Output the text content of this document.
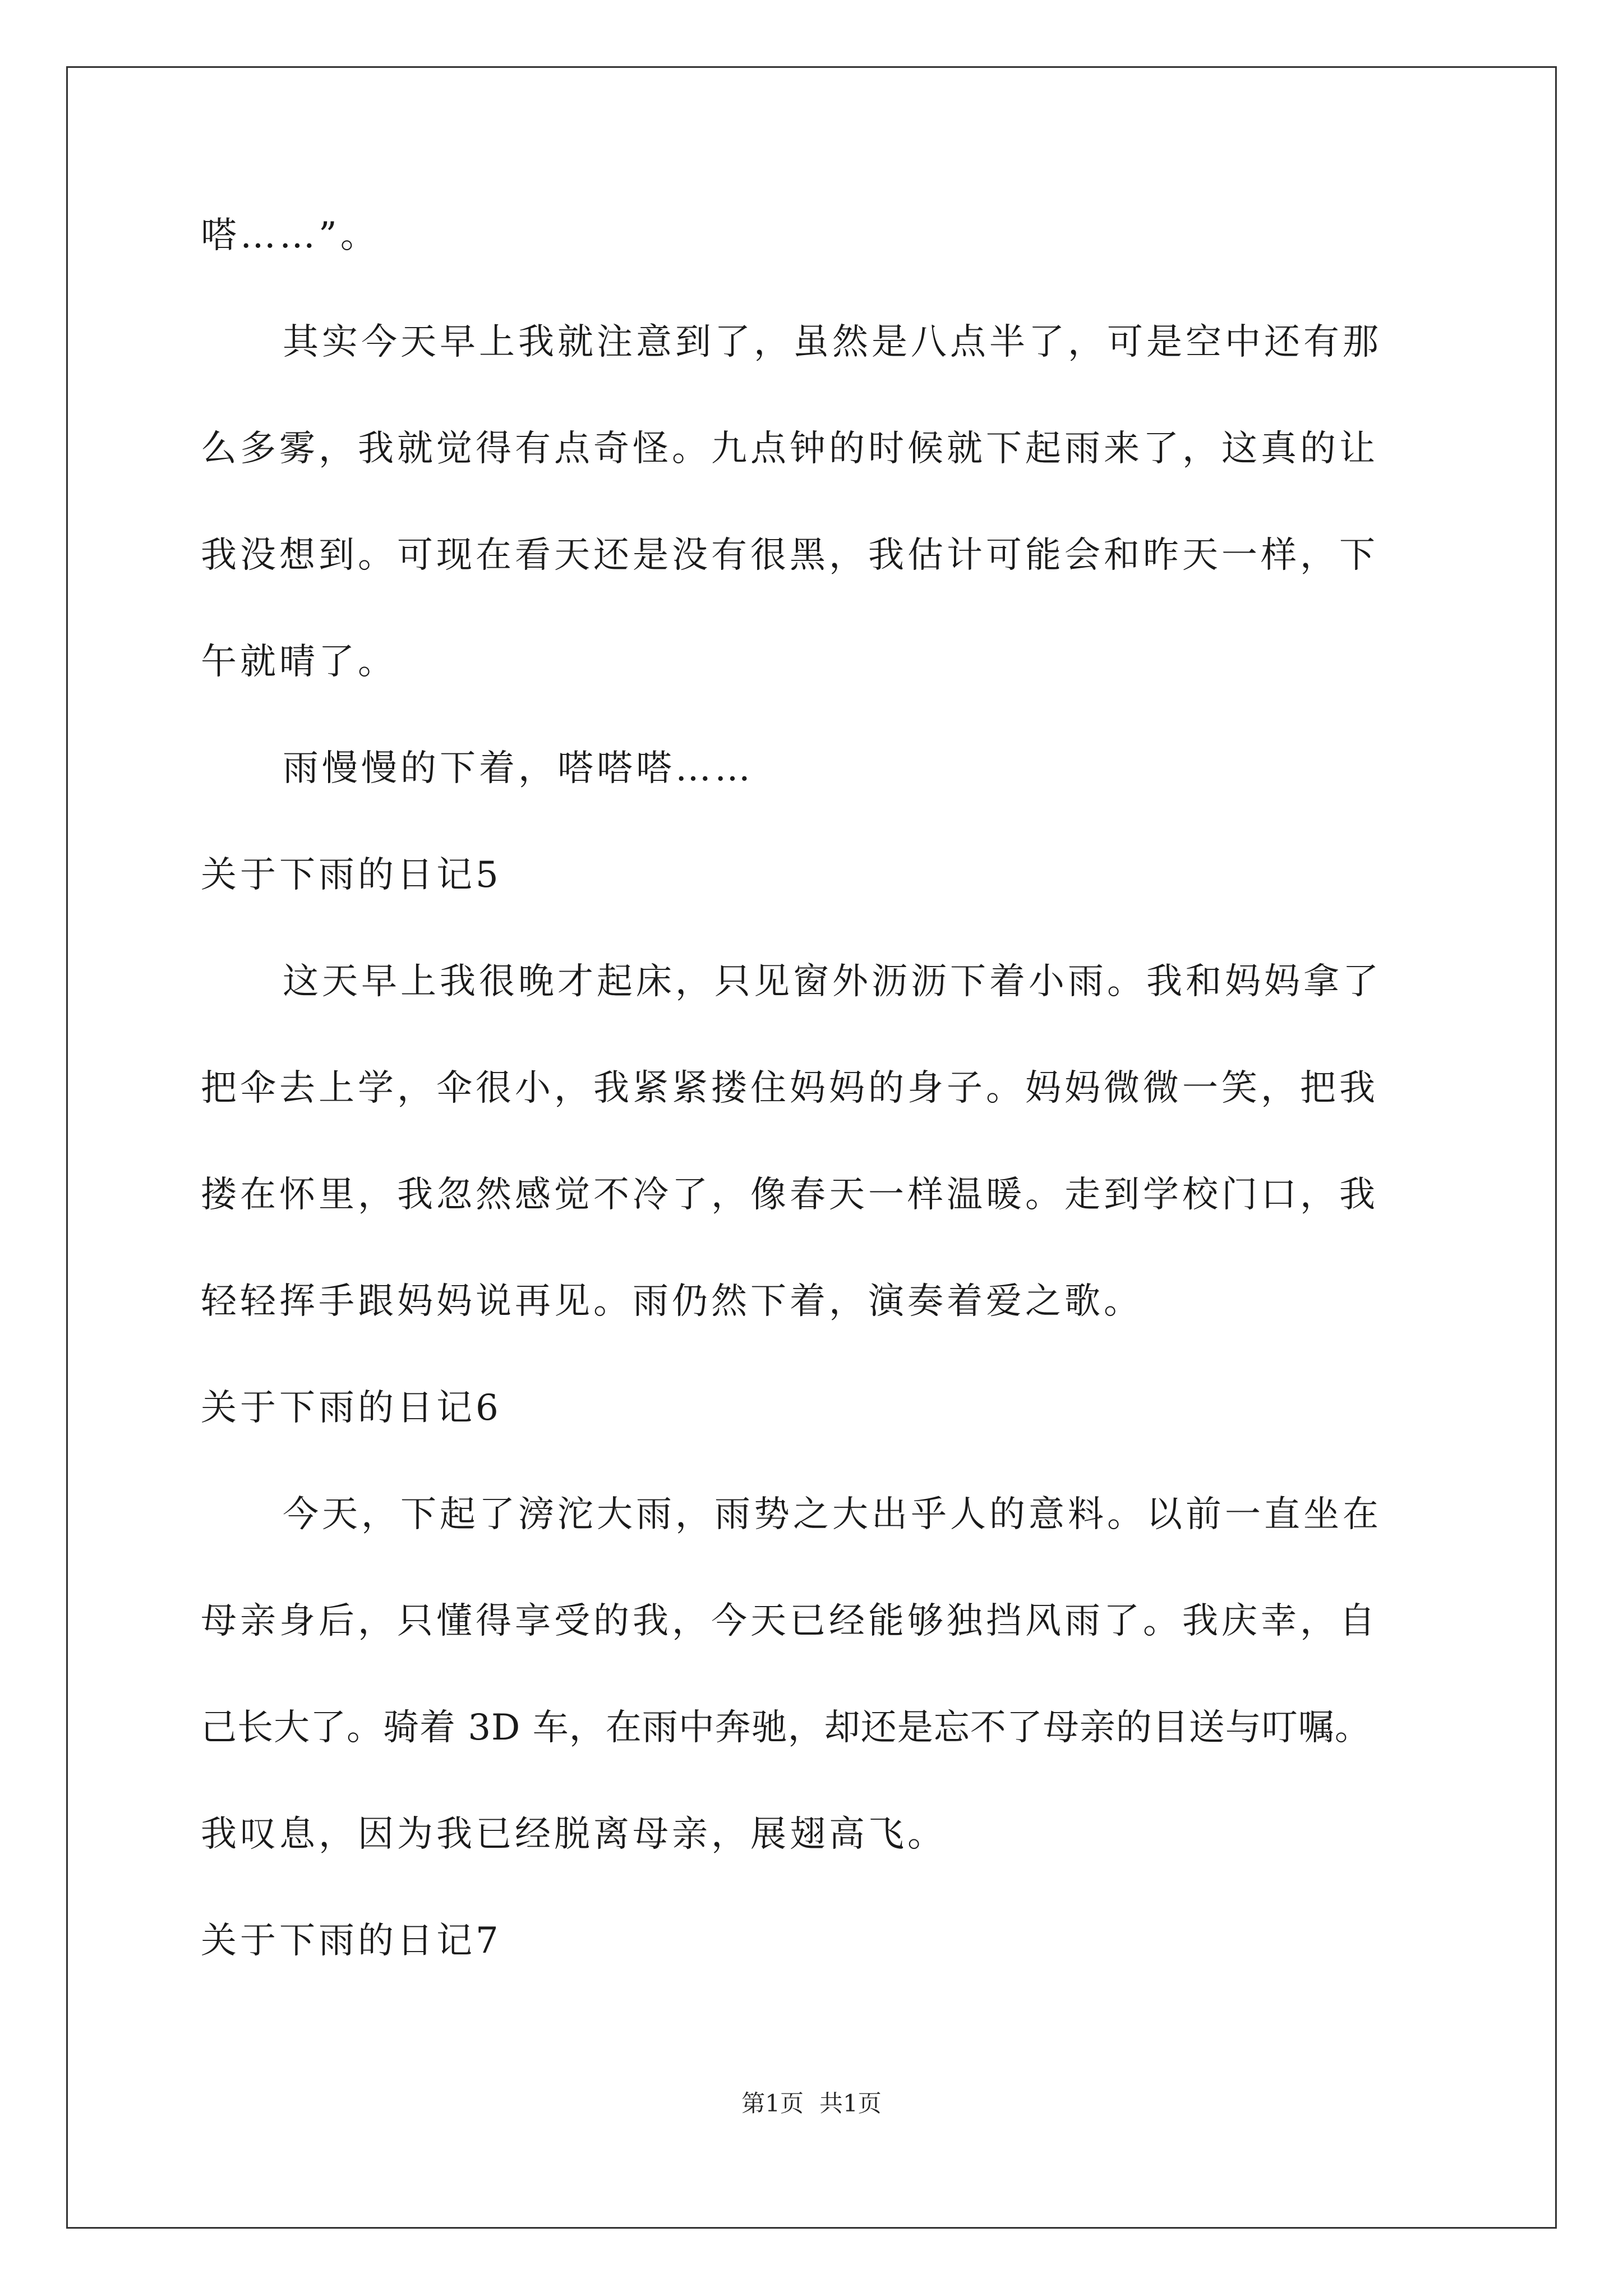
嗒……”。
其实今天早上我就注意到了，虽然是八点半了，可是空中还有那
么多雾，我就觉得有点奇怪。九点钟的时候就下起雨来了，这真的让
我没想到。可现在看天还是没有很黑，我估计可能会和昨天一样，下
午就晴了。
雨慢慢的下着，嗒嗒嗒……
关于下雨的日记5
这天早上我很晚才起床，只见窗外沥沥下着小雨。我和妈妈拿了
把伞去上学，伞很小，我紧紧搂住妈妈的身子。妈妈微微一笑，把我
搂在怀里，我忽然感觉不冷了，像春天一样温暖。走到学校门口，我
轻轻挥手跟妈妈说再见。雨仍然下着，演奏着爱之歌。
关于下雨的日记6
今天，下起了滂沱大雨，雨势之大出乎人的意料。以前一直坐在
母亲身后，只懂得享受的我，今天已经能够独挡风雨了。我庆幸，自
己长大了。骑着 3D 车，在雨中奔驰，却还是忘不了母亲的目送与叮嘱。
我叹息，因为我已经脱离母亲，展翅高飞。
关于下雨的日记7
第1页 共1页
